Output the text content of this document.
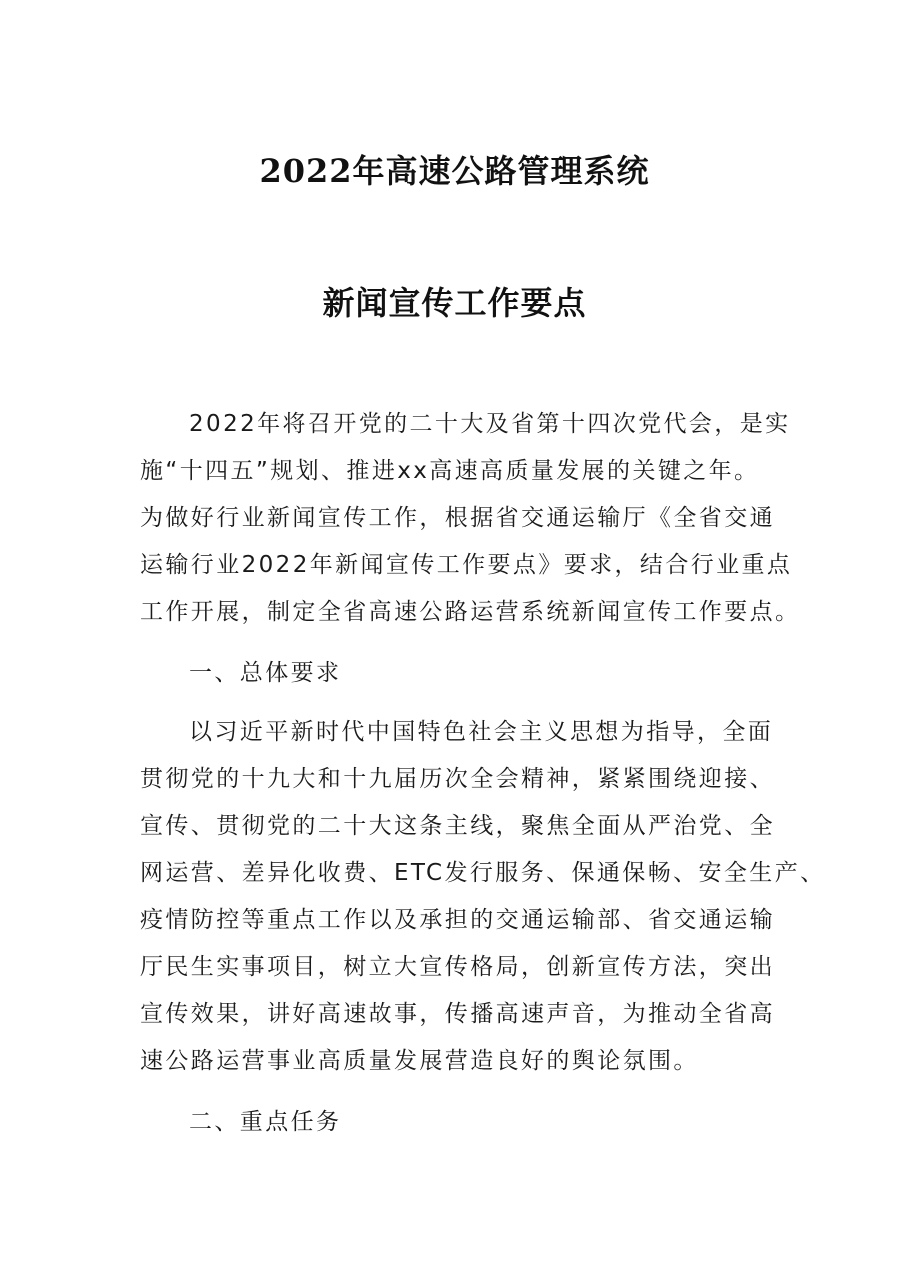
2022年高速公路管理系统
新闻宣传工作要点
2022年将召开党的二十大及省第十四次党代会，是实
施“十四五”规划、推进xx高速高质量发展的关键之年。
为做好行业新闻宣传工作，根据省交通运输厅《全省交通
运输行业2022年新闻宣传工作要点》要求，结合行业重点
工作开展，制定全省高速公路运营系统新闻宣传工作要点。
一、总体要求
以习近平新时代中国特色社会主义思想为指导，全面
贯彻党的十九大和十九届历次全会精神，紧紧围绕迎接、
宣传、贯彻党的二十大这条主线，聚焦全面从严治党、全
网运营、差异化收费、ETC发行服务、保通保畅、安全生产、
疫情防控等重点工作以及承担的交通运输部、省交通运输
厅民生实事项目，树立大宣传格局，创新宣传方法，突出
宣传效果，讲好高速故事，传播高速声音，为推动全省高
速公路运营事业高质量发展营造良好的舆论氛围。
二、重点任务
